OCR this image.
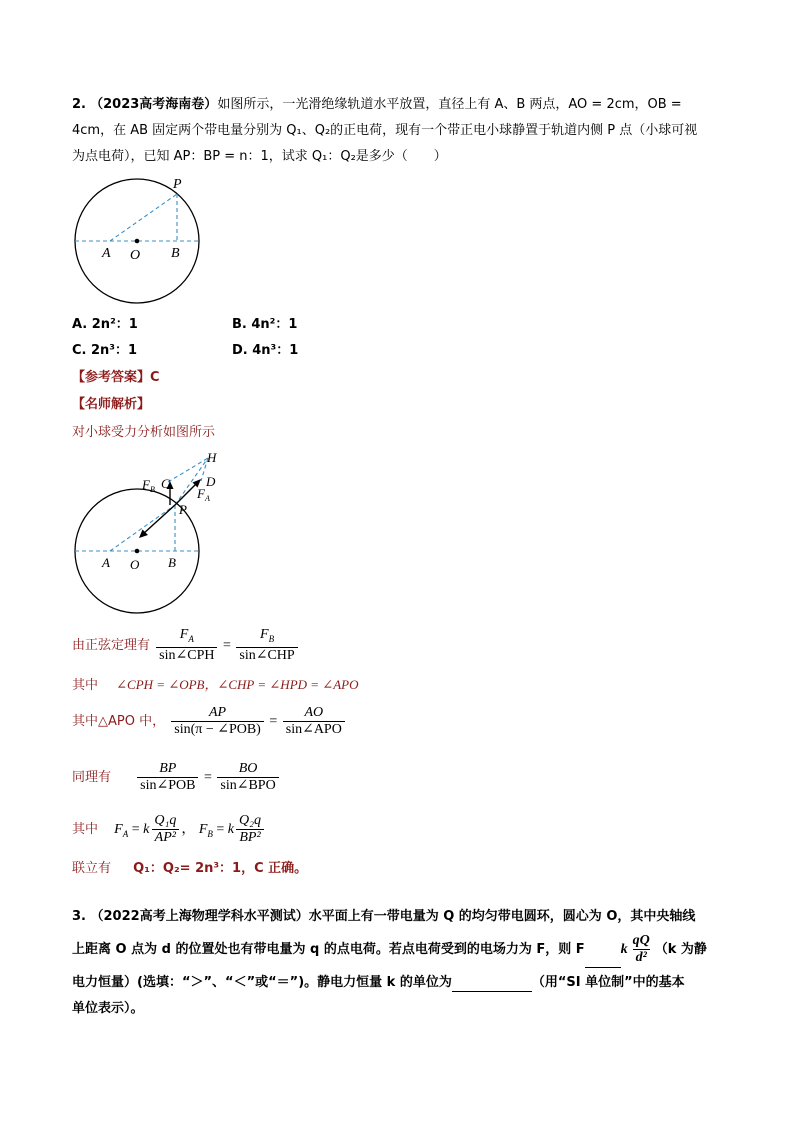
2. （2023高考海南卷）如图所示，一光滑绝缘轨道水平放置，直径上有 A、B 两点，AO = 2cm，OB =
4cm，在 AB 固定两个带电量分别为 Q₁、Q₂的正电荷，现有一个带正电小球静置于轨道内侧 P 点（小球可视
为点电荷），已知 AP：BP = n：1，试求 Q₁：Q₂是多少（　　）
P
A O B
A. 2n²：1	B. 4n²：1
C. 2n³：1	D. 4n³：1
【参考答案】C
【名师解析】
对小球受力分析如图所示
H
$F_B$ C	D
$F_A$
P
A O B
由正弦定理有 $\frac{F_A}{\text{sin∠CPH}} = \frac{F_B}{\text{sin∠CHP}}$
其中 ∠CPH = ∠OPB，∠CHP = ∠HPD = ∠APO
其中△APO 中， $\frac{AP}{\text{sin(π − ∠POB)}} = \frac{AO}{\text{sin∠APO}}$
同理有 $\frac{BP}{\text{sin∠POB}} = \frac{BO}{\text{sin∠BPO}}$
其中 $F_A = k \frac{\text{Q₁q}}{\text{AP²}}$ ， $F_B = k \frac{\text{Q₂q}}{\text{BP²}}$
联立有 Q₁：Q₂= 2n³：1，C 正确。
3. （2022高考上海物理学科水平测试）水平面上有一带电量为 Q 的均匀带电圆环，圆心为 O，其中央轴线
上距离 O 点为 d 的位置处也有带电量为 q 的点电荷。若点电荷受到的电场力为 F，则 F	k $\frac{qQ}{\text{d²}} (k$ 为静
电力恒量）(选填：“＞”、“＜”或“＝”)。静电力恒量 k 的单位为	（用“SI 单位制”中的基本
单位表示）。
